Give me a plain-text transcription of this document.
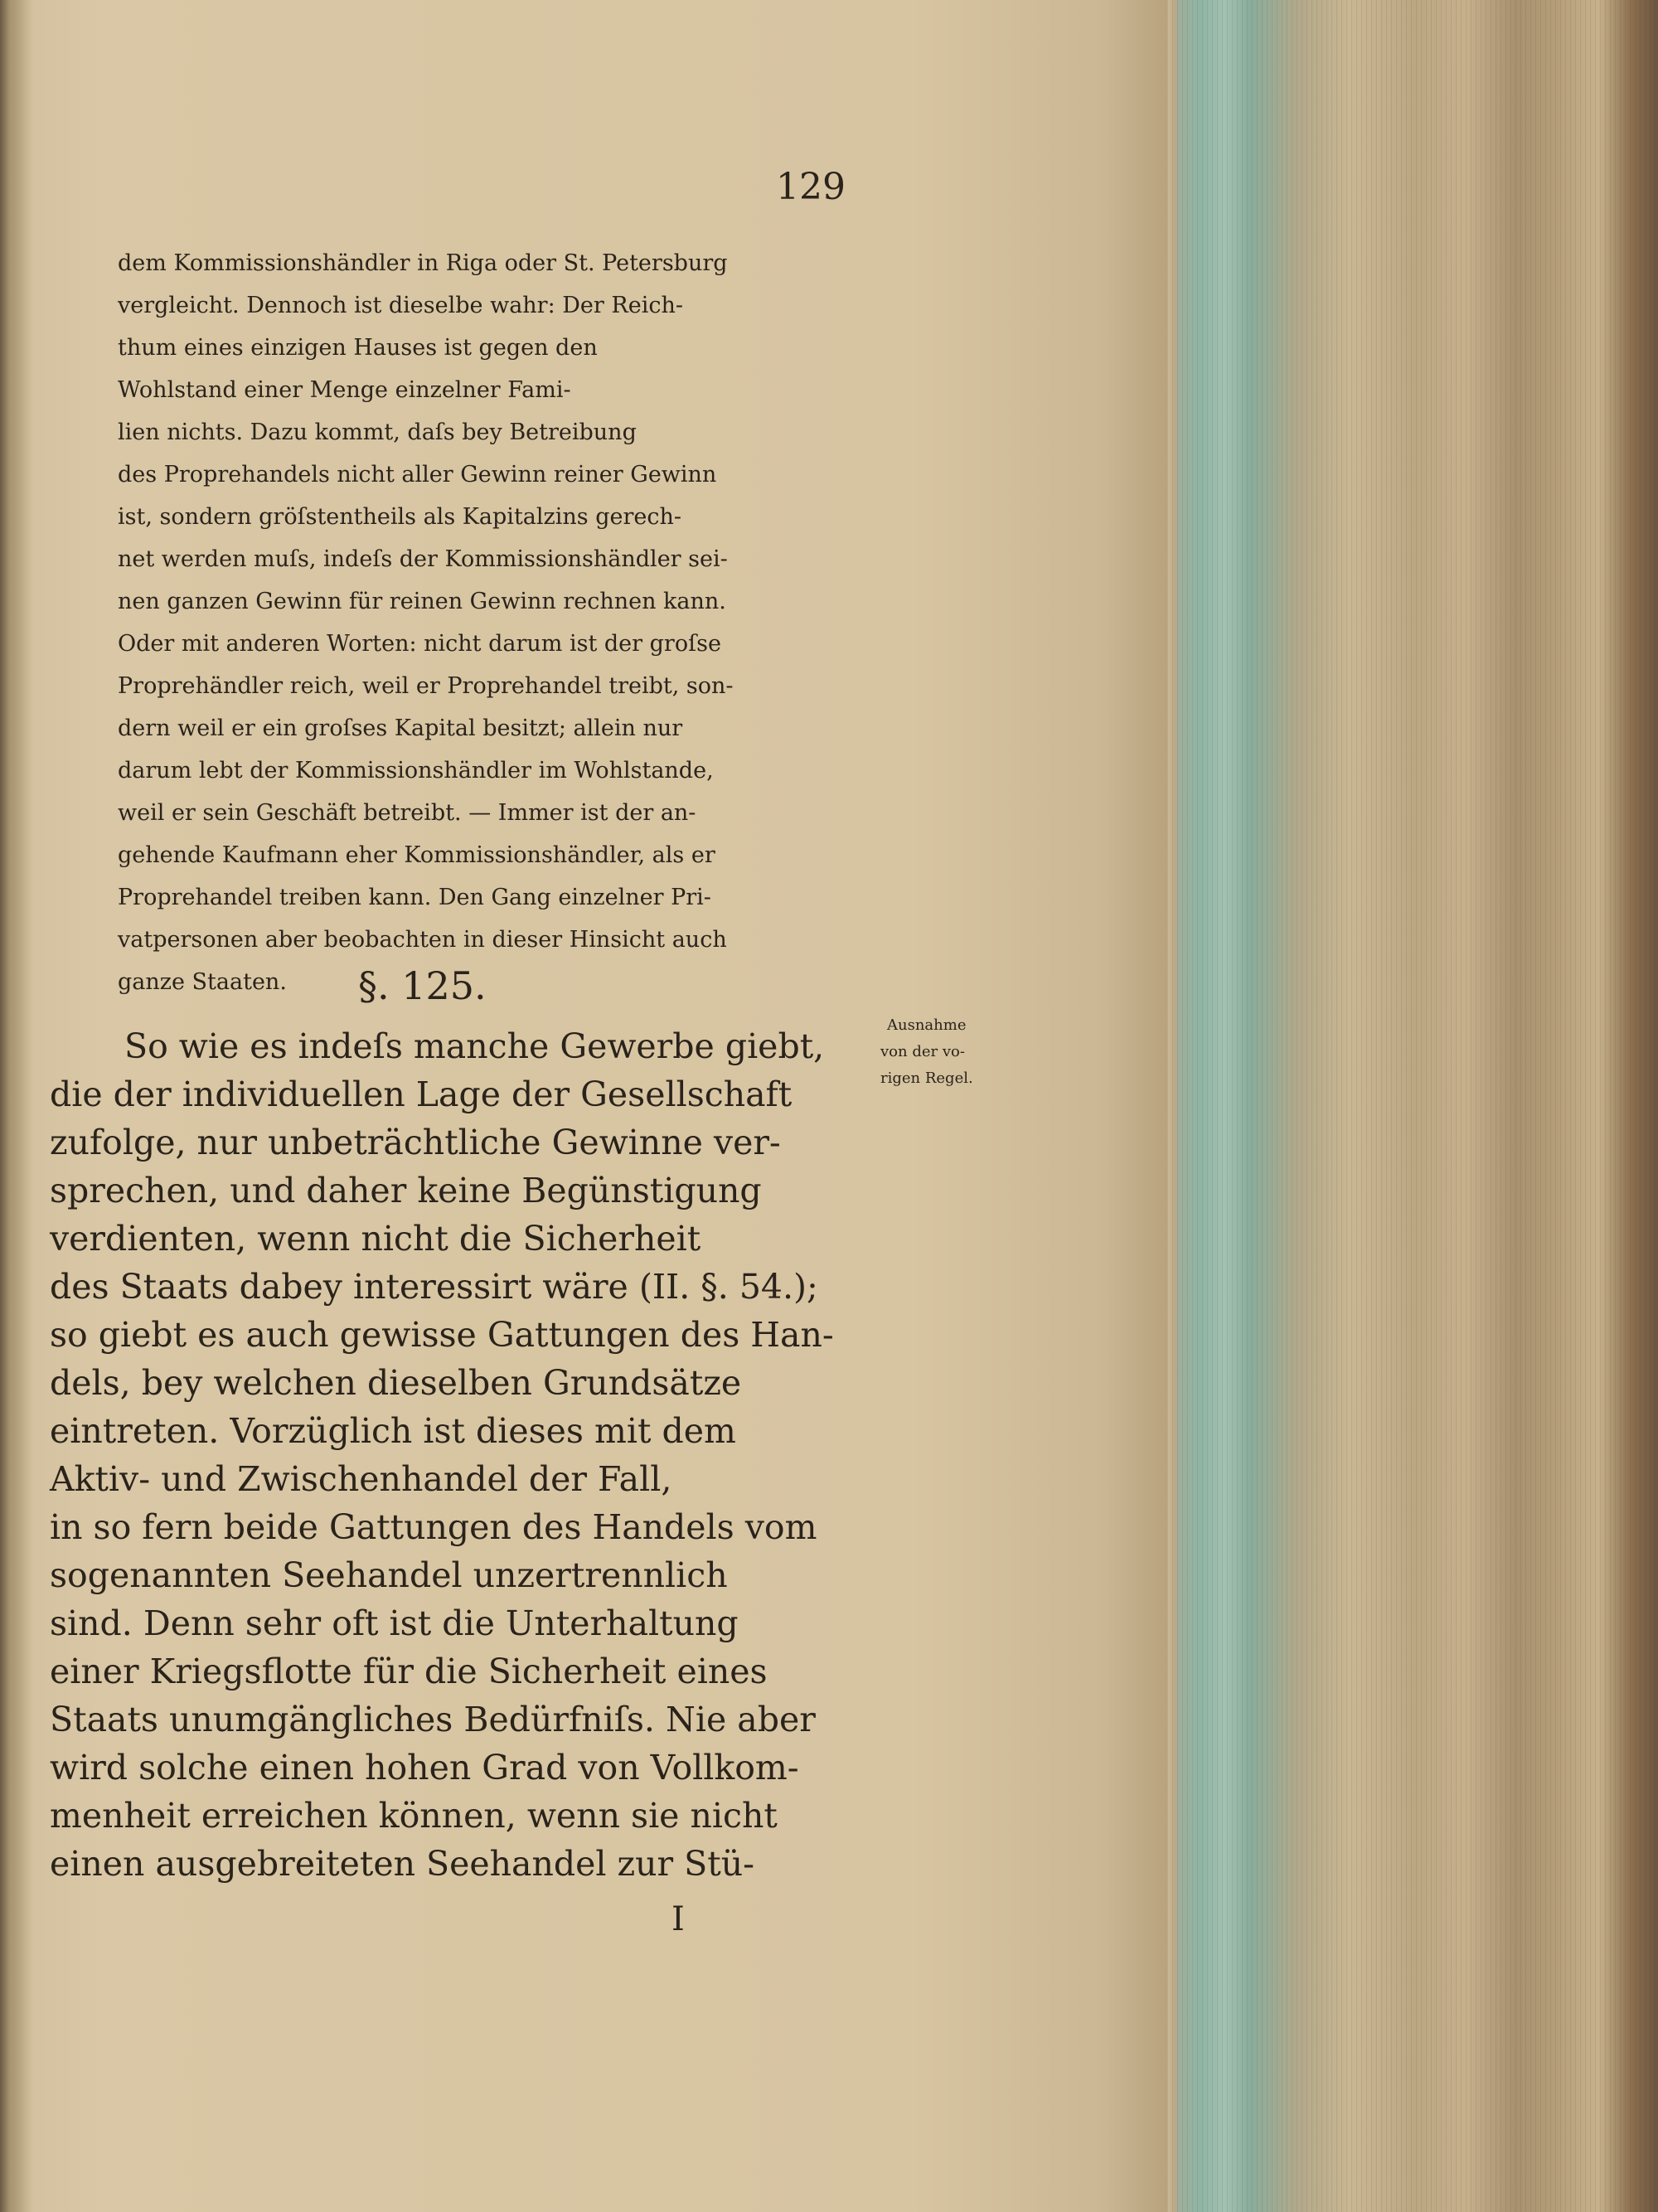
129
dem Kommissionshändler in Riga oder St. Petersburg
vergleicht. Dennoch ist dieselbe wahr: Der Reich-
thum eines einzigen Hauses ist gegen den
Wohlstand einer Menge einzelner Fami-
lien nichts. Dazu kommt, daſs bey Betreibung
des Proprehandels nicht aller Gewinn reiner Gewinn
ist, sondern gröſstentheils als Kapitalzins gerech-
net werden muſs, indeſs der Kommissionshändler sei-
nen ganzen Gewinn für reinen Gewinn rechnen kann.
Oder mit anderen Worten: nicht darum ist der groſse
Proprehändler reich, weil er Proprehandel treibt, son-
dern weil er ein groſses Kapital besitzt; allein nur
darum lebt der Kommissionshändler im Wohlstande,
weil er sein Geschäft betreibt. — Immer ist der an-
gehende Kaufmann eher Kommissionshändler, als er
Proprehandel treiben kann. Den Gang einzelner Pri-
vatpersonen aber beobachten in dieser Hinsicht auch
ganze Staaten. §. 125.
So wie es indeſs manche Gewerbe giebt,
die der individuellen Lage der Gesellschaft
zufolge, nur unbeträchtliche Gewinne ver-
sprechen, und daher keine Begünstigung
verdienten, wenn nicht die Sicherheit
des Staats dabey interessirt wäre (II. §. 54.);
so giebt es auch gewisse Gattungen des Han-
dels, bey welchen dieselben Grundsätze
eintreten. Vorzüglich ist dieses mit dem
Aktiv- und Zwischenhandel der Fall,
in so fern beide Gattungen des Handels vom
sogenannten Seehandel unzertrennlich
sind. Denn sehr oft ist die Unterhaltung
einer Kriegsflotte für die Sicherheit eines
Staats unumgängliches Bedürfniſs. Nie aber
wird solche einen hohen Grad von Vollkom-
menheit erreichen können, wenn sie nicht
einen ausgebreiteten Seehandel zur Stü-
Ausnahme
von der vo-
rigen Regel.
I
